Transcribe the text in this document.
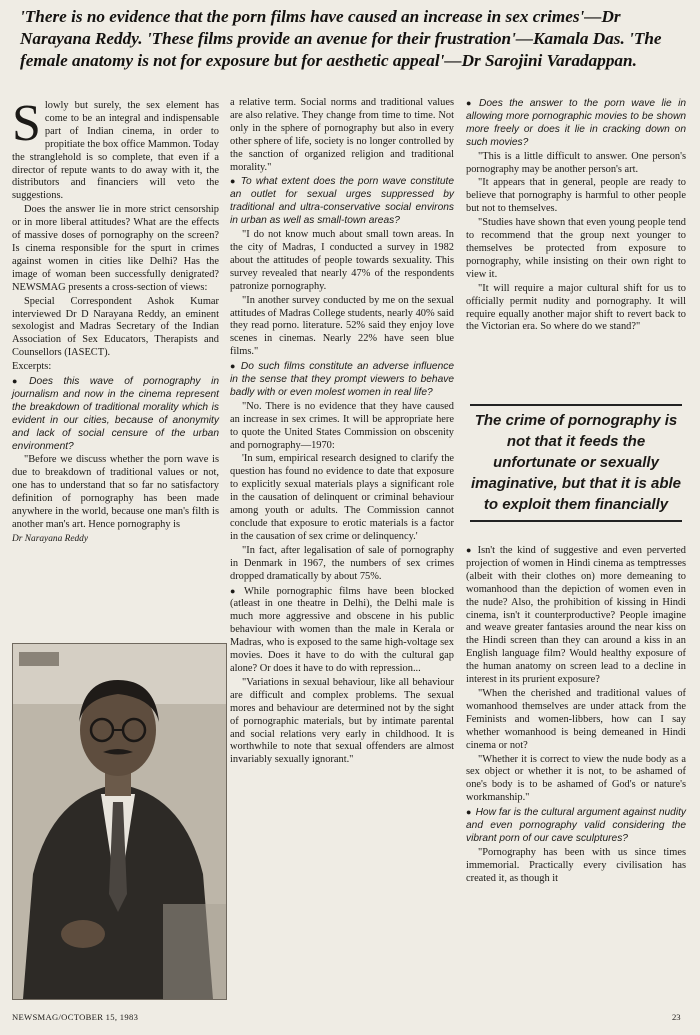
'There is no evidence that the porn films have caused an increase in sex crimes'—Dr Narayana Reddy. 'These films provide an avenue for their frustration'—Kamala Das. 'The female anatomy is not for exposure but for aesthetic appeal'—Dr Sarojini Varadappan.

Slowly but surely, the sex element has come to be an integral and indispensable part of Indian cinema, in order to propitiate the box office Mammon. Today the stranglehold is so complete, that even if a director of repute wants to do away with it, the distributors and financiers will veto the suggestions.

Does the answer lie in more strict censorship or in more liberal attitudes? What are the effects of massive doses of pornography on the screen? Is cinema responsible for the spurt in crimes against women in cities like Delhi? Has the image of woman been successfully denigrated? NEWSMAG presents a cross-section of views:

Special Correspondent Ashok Kumar interviewed Dr D Narayana Reddy, an eminent sexologist and Madras Secretary of the Indian Association of Sex Educators, Therapists and Counsellors (IASECT).

Excerpts:

● Does this wave of pornography in journalism and now in the cinema represent the breakdown of traditional morality which is evident in our cities, because of anonymity and lack of social censure of the urban environment?

"Before we discuss whether the porn wave is due to breakdown of traditional values or not, one has to understand that so far no satisfactory definition of pornography has been made anywhere in the world, because one man's filth is another man's art. Hence pornography is

Dr Narayana Reddy

a relative term. Social norms and traditional values are also relative. They change from time to time. Not only in the sphere of pornography but also in every other sphere of life, society is no longer controlled by the sanction of organized religion and traditional morality."

● To what extent does the porn wave constitute an outlet for sexual urges suppressed by traditional and ultra-conservative social environs in urban as well as small-town areas?

"I do not know much about small town areas. In the city of Madras, I conducted a survey in 1982 about the attitudes of people towards sexuality. This survey revealed that nearly 47% of the respondents patronize pornography.

"In another survey conducted by me on the sexual attitudes of Madras College students, nearly 40% said they read porno. literature. 52% said they enjoy love scenes in cinemas. Nearly 22% have seen blue films."

● Do such films constitute an adverse influence in the sense that they prompt viewers to behave badly with or even molest women in real life?

"No. There is no evidence that they have caused an increase in sex crimes. It will be appropriate here to quote the United States Commission on obscenity and pornography—1970:

'In sum, empirical research designed to clarify the question has found no evidence to date that exposure to explicitly sexual materials plays a significant role in the causation of delinquent or criminal behaviour among youth or adults. The Commission cannot conclude that exposure to erotic materials is a factor in the causation of sex crime or delinquency.'

"In fact, after legalisation of sale of pornography in Denmark in 1967, the numbers of sex crimes dropped dramatically by about 75%.

● While pornographic films have been blocked (atleast in one theatre in Delhi), the Delhi male is much more aggressive and obscene in his public behaviour with women than the male in Kerala or Madras, who is exposed to the same high-voltage sex movies. Does it have to do with the cultural gap alone? Or does it have to do with repression...

"Variations in sexual behaviour, like all behaviour are difficult and complex problems. The sexual mores and behaviour are determined not by the sight of pornographic materials, but by intimate parental and social relations very early in childhood. It is worthwhile to note that sexual offenders are almost invariably sexually ignorant."

● Does the answer to the porn wave lie in allowing more pornographic movies to be shown more freely or does it lie in cracking down on such movies?

"This is a little difficult to answer. One person's pornography may be another person's art.

"It appears that in general, people are ready to believe that pornography is harmful to other people but not to themselves.

"Studies have shown that even young people tend to recommend that the group next younger to themselves be protected from exposure to pornography, while insisting on their own right to view it.

"It will require a major cultural shift for us to officially permit nudity and pornography. It will require equally another major shift to revert back to the Victorian era. So where do we stand?"

The crime of pornography is not that it feeds the unfortunate or sexually imaginative, but that it is able to exploit them financially

● Isn't the kind of suggestive and even perverted projection of women in Hindi cinema as temptresses (albeit with their clothes on) more demeaning to womanhood than the depiction of women even in the nude? Also, the prohibition of kissing in Hindi cinema, isn't it counterproductive? People imagine and weave greater fantasies around the near kiss on the Hindi screen than they can around a kiss in an English language film? Would healthy exposure of the human anatomy on screen lead to a decline in interest in its prurient exposure?

"When the cherished and traditional values of womanhood themselves are under attack from the Feminists and women-libbers, how can I say whether womanhood is being demeaned in Hindi cinema or not?

"Whether it is correct to view the nude body as a sex object or whether it is not, to be ashamed of one's body is to be ashamed of God's or nature's workmanship."

● How far is the cultural argument against nudity and even pornography valid considering the vibrant porn of our cave sculptures?

"Pornography has been with us since times immemorial. Practically every civilisation has created it, as though it

NEWSMAG/OCTOBER 15, 1983	23
